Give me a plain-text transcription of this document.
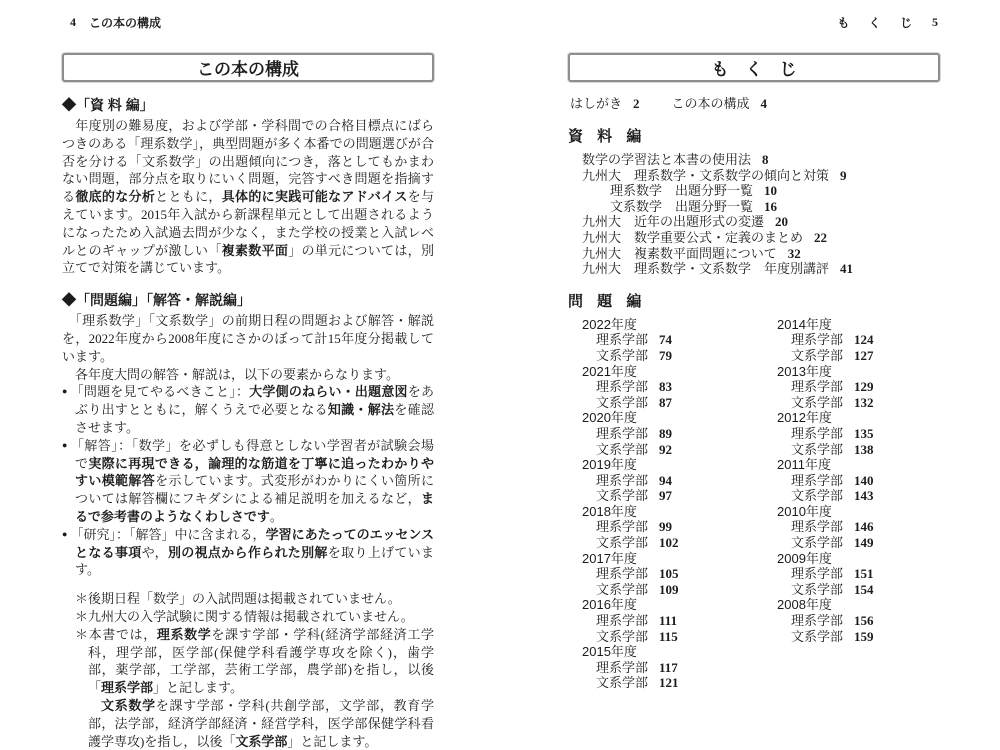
4 この本の構成
この本の構成
◆「資 料 編」

　年度別の難易度，および学部・学科間での合格目標点にばらつきのある「理系数学」，典型問題が多く本番での問題選びが合否を分ける「文系数学」の出題傾向につき，落としてもかまわない問題，部分点を取りにいく問題，完答すべき問題を指摘する徹底的な分析とともに，具体的に実践可能なアドバイスを与えています。2015年入試から新課程単元として出題されるようになったため入試過去問が少なく，また学校の授業と入試レベルとのギャップが激しい「複素数平面」の単元については，別立てで対策を講じています。

◆「問題編」「解答・解説編」

　「理系数学」「文系数学」の前期日程の問題および解答・解説を，2022年度から2008年度にさかのぼって計15年度分掲載しています。

　各年度大問の解答・解説は，以下の要素からなります。

● 「問題を見てやるべきこと」：大学側のねらい・出題意図をあぶり出すとともに，解くうえで必要となる知識・解法を確認させます。

● 「解答」：「数学」を必ずしも得意としない学習者が試験会場で実際に再現できる，論理的な筋道を丁寧に追ったわかりやすい模範解答を示しています。式変形がわかりにくい箇所については解答欄にフキダシによる補足説明を加えるなど，まるで参考書のようなくわしさです。

● 「研究」：「解答」中に含まれる，学習にあたってのエッセンスとなる事項や，別の視点から作られた別解を取り上げています。

＊後期日程「数学」の入試問題は掲載されていません。

＊九州大の入学試験に関する情報は掲載されていません。

＊本書では，理系数学を課す学部・学科(経済学部経済工学科，理学部，医学部(保健学科看護学専攻を除く)，歯学部，薬学部，工学部，芸術工学部，農学部)を指し，以後「理系学部」と記します。

文系数学を課す学部・学科(共創学部，文学部，教育学部，法学部，経済学部経済・経営学科，医学部保健学科看護学専攻)を指し，以後「文系学部」と記します。

も く じ 5
も　く　じ
はしがき 2 この本の構成 4
資 料 編
数学の学習法と本書の使用法 8
九州大　理系数学・文系数学の傾向と対策 9
理系数学　出題分野一覧 10
文系数学　出題分野一覧 16
九州大　近年の出題形式の変遷 20
九州大　数学重要公式・定義のまとめ 22
九州大　複素数平面問題について 32
九州大　理系数学・文系数学　年度別講評 41
問 題 編
2022年度
理系学部 74
文系学部 79
2021年度
理系学部 83
文系学部 87
2020年度
理系学部 89
文系学部 92
2019年度
理系学部 94
文系学部 97
2018年度
理系学部 99
文系学部 102
2017年度
理系学部 105
文系学部 109
2016年度
理系学部 111
文系学部 115
2015年度
理系学部 117
文系学部 121
2014年度
理系学部 124
文系学部 127
2013年度
理系学部 129
文系学部 132
2012年度
理系学部 135
文系学部 138
2011年度
理系学部 140
文系学部 143
2010年度
理系学部 146
文系学部 149
2009年度
理系学部 151
文系学部 154
2008年度
理系学部 156
文系学部 159
